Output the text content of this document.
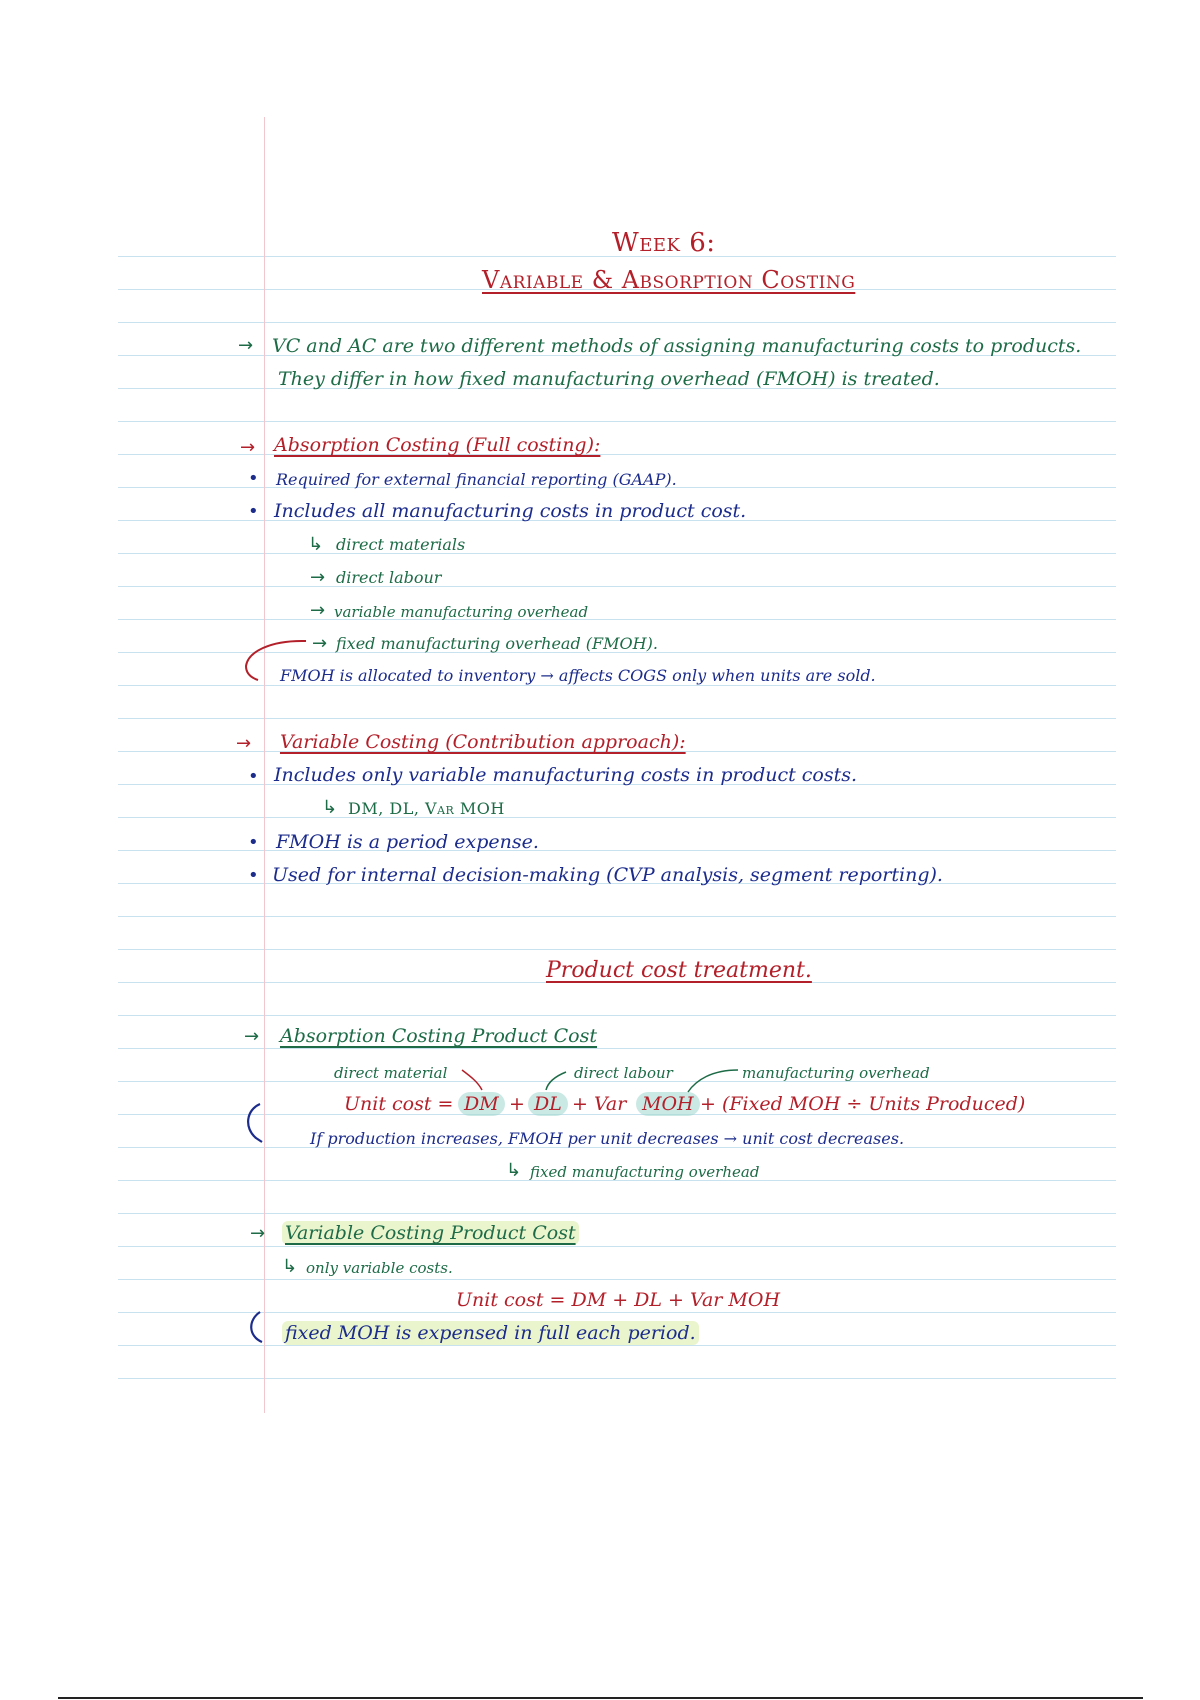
Week 6:
Variable & Absorption Costing
→ VC and AC are two different methods of assigning manufacturing costs to products.
They differ in how fixed manufacturing overhead (FMOH) is treated.
→ Absorption Costing (Full costing):
• Required for external financial reporting (GAAP).
• Includes all manufacturing costs in product cost.
↳ direct materials
→ direct labour
→ variable manufacturing overhead
→ fixed manufacturing overhead (FMOH).
FMOH is allocated to inventory → affects COGS only when units are sold.
→ Variable Costing (Contribution approach):
• Includes only variable manufacturing costs in product costs.
↳ DM, DL, Var MOH
• FMOH is a period expense.
• Used for internal decision-making (CVP analysis, segment reporting).
Product cost treatment.
→ Absorption Costing Product Cost
direct material	direct labour	manufacturing overhead
Unit cost = DM + DL + Var MOH + (Fixed MOH ÷ Units Produced)
If production increases, FMOH per unit decreases → unit cost decreases.
↳ fixed manufacturing overhead
→ Variable Costing Product Cost
↳ only variable costs.
Unit cost = DM + DL + Var MOH
fixed MOH is expensed in full each period.
